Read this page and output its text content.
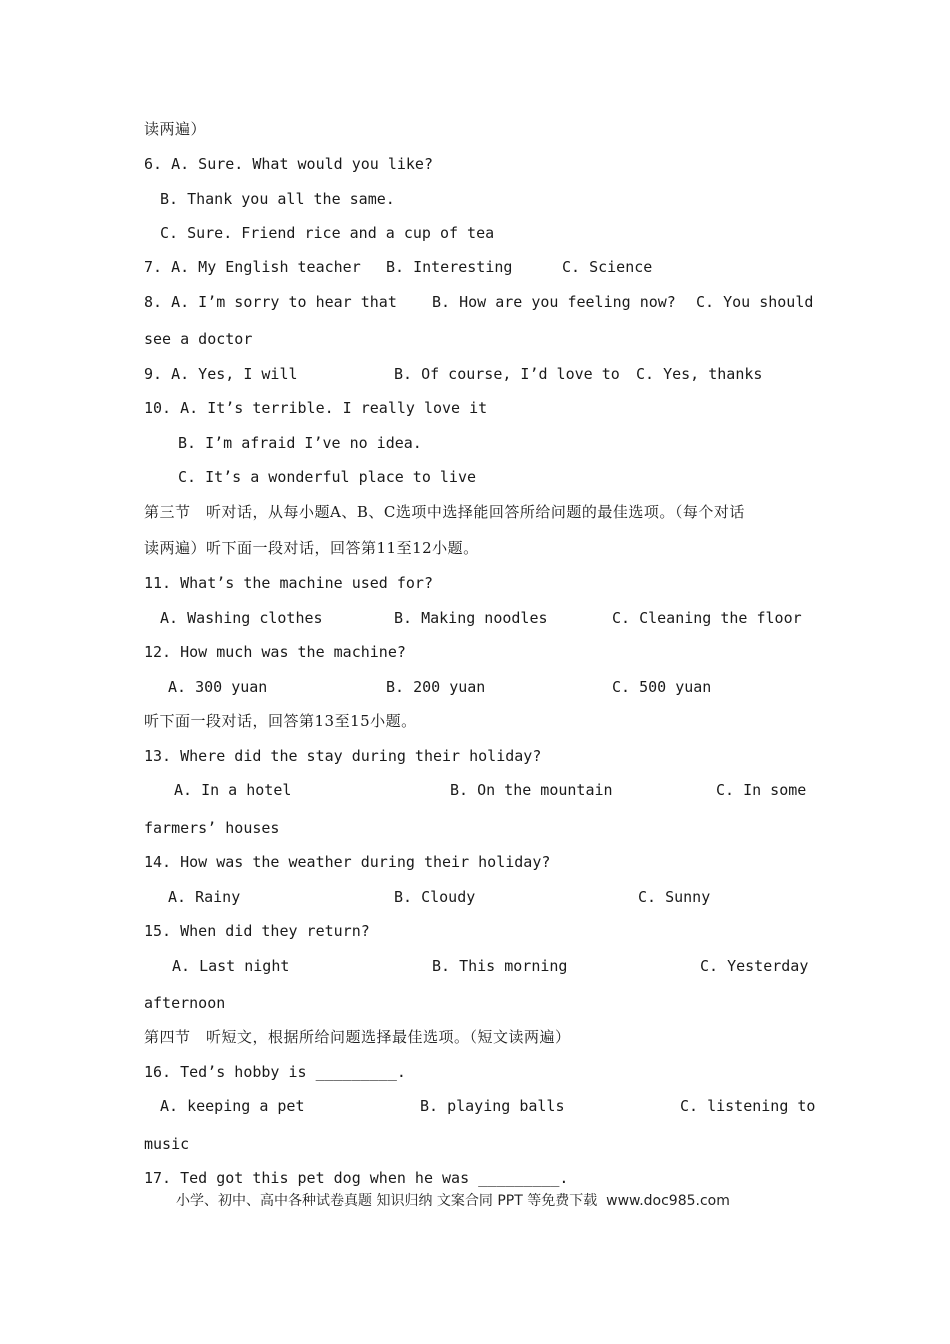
读两遍）
6. A. Sure. What would you like?
B. Thank you all the same.
C. Sure. Friend rice and a cup of tea
7. A. My English teacher B. Interesting	C. Science
8. A. I’m sorry to hear that B. How are you feeling now? C. You should
see a doctor
9. A. Yes, I will	B. Of course, I’d love to C. Yes, thanks
10. A. It’s terrible. I really love it
B. I’m afraid I’ve no idea.
C. It’s a wonderful place to live
第三节　听对话，从每小题A、B、C选项中选择能回答所给问题的最佳选项。（每个对话
读两遍）听下面一段对话，回答第11至12小题。
11. What’s the machine used for?
A. Washing clothes	B. Making noodles	C. Cleaning the floor
12. How much was the machine?
A. 300 yuan	B. 200 yuan	C. 500 yuan
听下面一段对话，回答第13至15小题。
13. Where did the stay during their holiday?
A. In a hotel	B. On the mountain	C. In some
farmers’ houses
14. How was the weather during their holiday?
A. Rainy	B. Cloudy	C. Sunny
15. When did they return?
A. Last night	B. This morning	C. Yesterday
afternoon
第四节　听短文，根据所给问题选择最佳选项。（短文读两遍）
16. Ted’s hobby is _________.
A. keeping a pet	B. playing balls	C. listening to
music
17. Ted got this pet dog when he was _________.
小学、初中、高中各种试卷真题 知识归纳 文案合同 PPT 等免费下载  www.doc985.com
